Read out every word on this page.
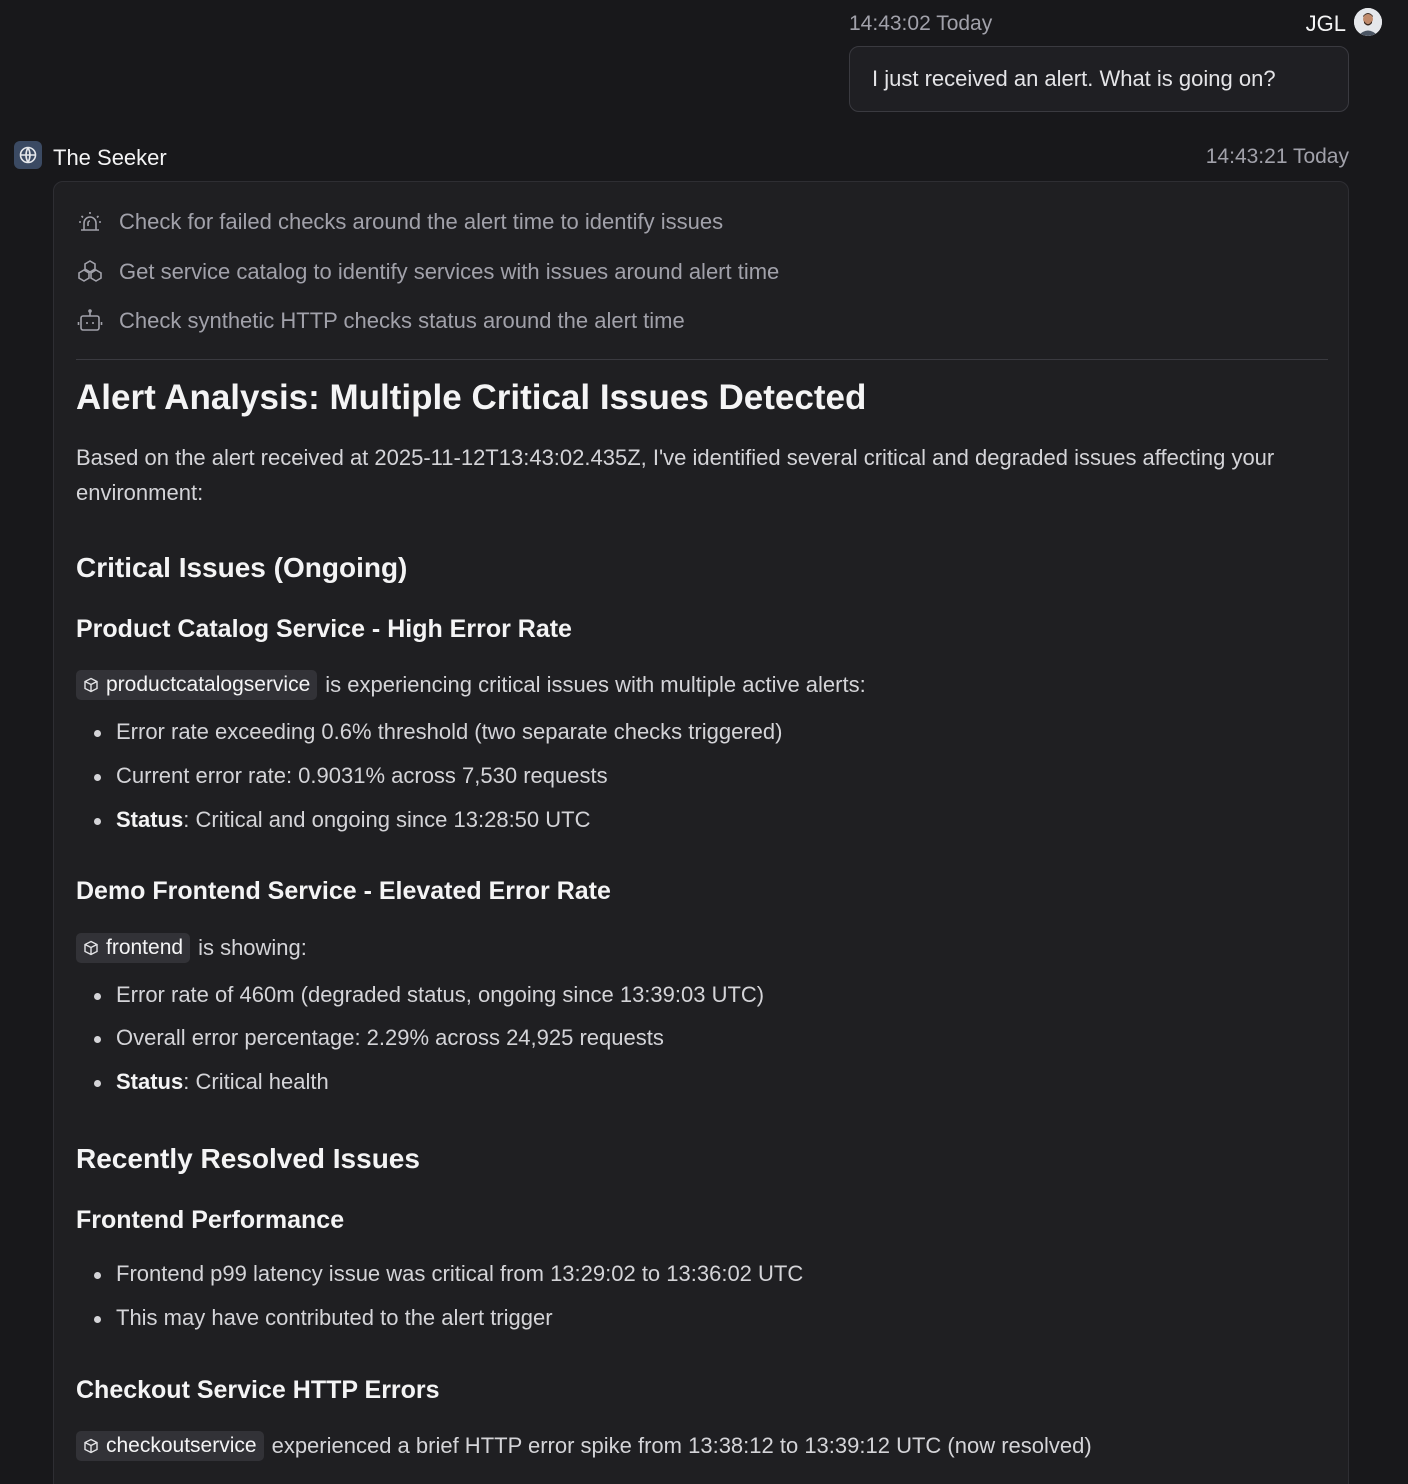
14:43:02 Today	JGL
I just received an alert. What is going on?
The Seeker	14:43:21 Today
Check for failed checks around the alert time to identify issues
Get service catalog to identify services with issues around alert time
Check synthetic HTTP checks status around the alert time
Alert Analysis: Multiple Critical Issues Detected
Based on the alert received at 2025-11-12T13:43:02.435Z, I've identified several critical and degraded issues affecting your environment:
Critical Issues (Ongoing)
Product Catalog Service - High Error Rate
productcatalogservice is experiencing critical issues with multiple active alerts:
Error rate exceeding 0.6% threshold (two separate checks triggered)
Current error rate: 0.9031% across 7,530 requests
Status: Critical and ongoing since 13:28:50 UTC
Demo Frontend Service - Elevated Error Rate
frontend is showing:
Error rate of 460m (degraded status, ongoing since 13:39:03 UTC)
Overall error percentage: 2.29% across 24,925 requests
Status: Critical health
Recently Resolved Issues
Frontend Performance
Frontend p99 latency issue was critical from 13:29:02 to 13:36:02 UTC
This may have contributed to the alert trigger
Checkout Service HTTP Errors
checkoutservice experienced a brief HTTP error spike from 13:38:12 to 13:39:12 UTC (now resolved)
